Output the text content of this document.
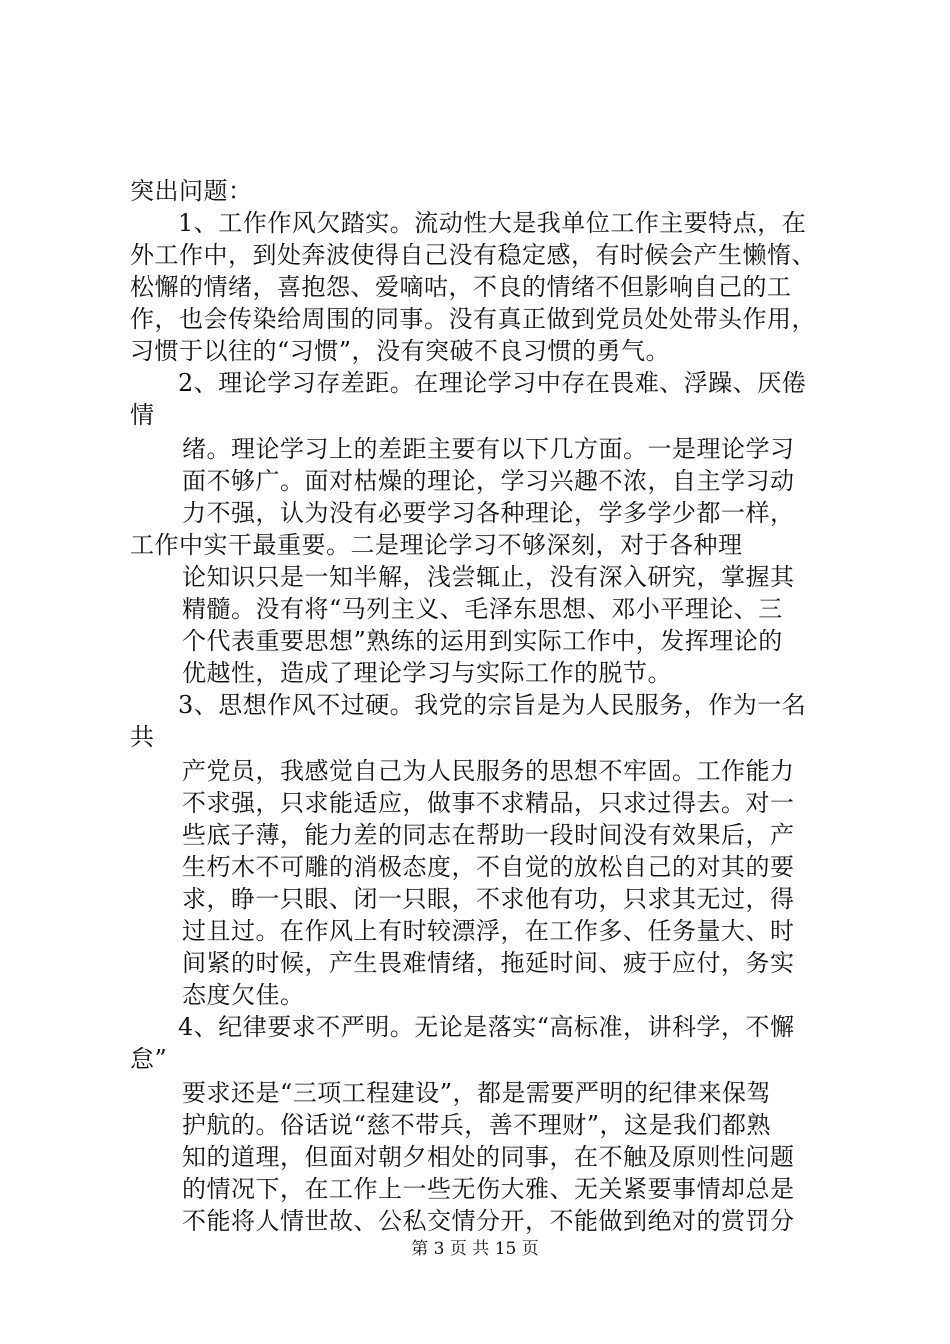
突出问题：
1、工作作风欠踏实。流动性大是我单位工作主要特点，在
外工作中，到处奔波使得自己没有稳定感，有时候会产生懒惰、
松懈的情绪，喜抱怨、爱嘀咕，不良的情绪不但影响自己的工
作，也会传染给周围的同事。没有真正做到党员处处带头作用，
习惯于以往的“习惯”，没有突破不良习惯的勇气。
2、理论学习存差距。在理论学习中存在畏难、浮躁、厌倦
情
绪。理论学习上的差距主要有以下几方面。一是理论学习
面不够广。面对枯燥的理论，学习兴趣不浓，自主学习动
力不强，认为没有必要学习各种理论，学多学少都一样，
工作中实干最重要。二是理论学习不够深刻，对于各种理
论知识只是一知半解，浅尝辄止，没有深入研究，掌握其
精髓。没有将“马列主义、毛泽东思想、邓小平理论、三
个代表重要思想”熟练的运用到实际工作中，发挥理论的
优越性，造成了理论学习与实际工作的脱节。
3、思想作风不过硬。我党的宗旨是为人民服务，作为一名
共
产党员，我感觉自己为人民服务的思想不牢固。工作能力
不求强，只求能适应，做事不求精品，只求过得去。对一
些底子薄，能力差的同志在帮助一段时间没有效果后，产
生朽木不可雕的消极态度，不自觉的放松自己的对其的要
求，睁一只眼、闭一只眼，不求他有功，只求其无过，得
过且过。在作风上有时较漂浮，在工作多、任务量大、时
间紧的时候，产生畏难情绪，拖延时间、疲于应付，务实
态度欠佳。
4、纪律要求不严明。无论是落实“高标准，讲科学，不懈
怠”
要求还是“三项工程建设”，都是需要严明的纪律来保驾
护航的。俗话说“慈不带兵，善不理财”，这是我们都熟
知的道理，但面对朝夕相处的同事，在不触及原则性问题
的情况下，在工作上一些无伤大雅、无关紧要事情却总是
不能将人情世故、公私交情分开，不能做到绝对的赏罚分
第 3 页 共 15 页
